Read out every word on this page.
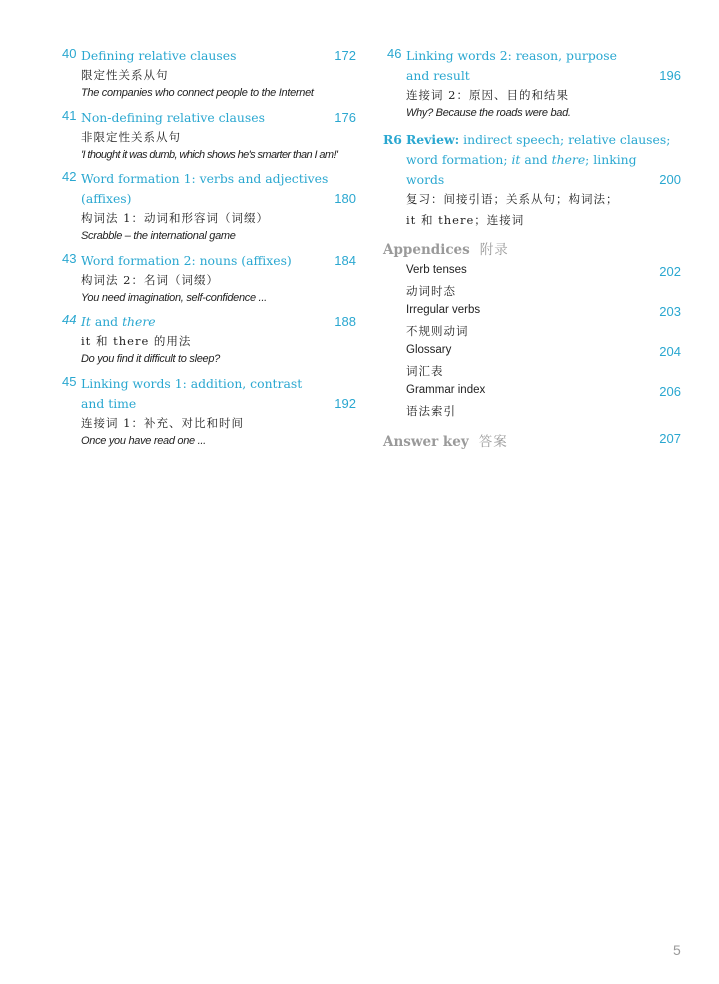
40 Defining relative clauses	172
限定性关系从句
The companies who connect people to the Internet
41 Non-defining relative clauses	176
非限定性关系从句
'I thought it was dumb, which shows he's smarter than I am!'
42 Word formation 1: verbs and adjectives
(affixes)	180
构词法 1：动词和形容词（词缀）
Scrabble – the international game
43 Word formation 2: nouns (affixes)	184
构词法 2：名词（词缀）
You need imagination, self-confidence ...
44 It and there	188
it 和 there 的用法
Do you find it difficult to sleep?
45 Linking words 1: addition, contrast
and time	192
连接词 1：补充、对比和时间
Once you have read one ...
46 Linking words 2: reason, purpose
and result	196
连接词 2：原因、目的和结果
Why? Because the roads were bad.
R6 Review: indirect speech; relative clauses;
word formation; it and there; linking
words	200
复习：间接引语；关系从句；构词法；
it 和 there；连接词
Appendices 附录
Verb tenses	202
动词时态
Irregular verbs	203
不规则动词
Glossary	204
词汇表
Grammar index	206
语法索引
Answer key 答案	207
5
